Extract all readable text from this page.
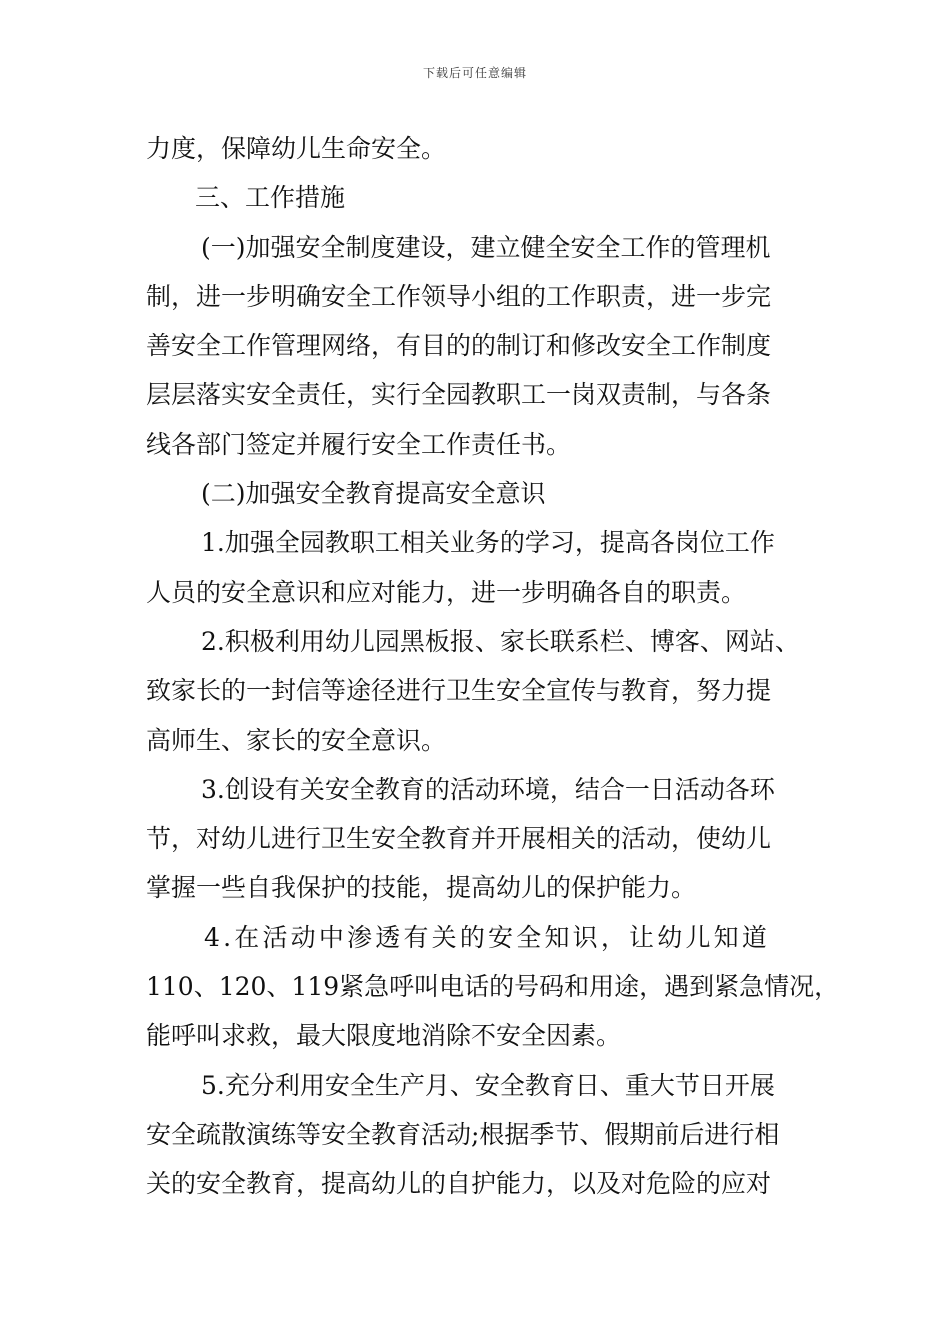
下载后可任意编辑
力度，保障幼儿生命安全。
三、工作措施
(一)加强安全制度建设，建立健全安全工作的管理机
制，进一步明确安全工作领导小组的工作职责，进一步完
善安全工作管理网络，有目的的制订和修改安全工作制度
层层落实安全责任，实行全园教职工一岗双责制，与各条
线各部门签定并履行安全工作责任书。
(二)加强安全教育提高安全意识
1.加强全园教职工相关业务的学习，提高各岗位工作
人员的安全意识和应对能力，进一步明确各自的职责。
2.积极利用幼儿园黑板报、家长联系栏、博客、网站、
致家长的一封信等途径进行卫生安全宣传与教育，努力提
高师生、家长的安全意识。
3.创设有关安全教育的活动环境，结合一日活动各环
节，对幼儿进行卫生安全教育并开展相关的活动，使幼儿
掌握一些自我保护的技能，提高幼儿的保护能力。
4.在活动中渗透有关的安全知识，让幼儿知道
110、120、119紧急呼叫电话的号码和用途，遇到紧急情况，
能呼叫求救，最大限度地消除不安全因素。
5.充分利用安全生产月、安全教育日、重大节日开展
安全疏散演练等安全教育活动;根据季节、假期前后进行相
关的安全教育，提高幼儿的自护能力，以及对危险的应对
